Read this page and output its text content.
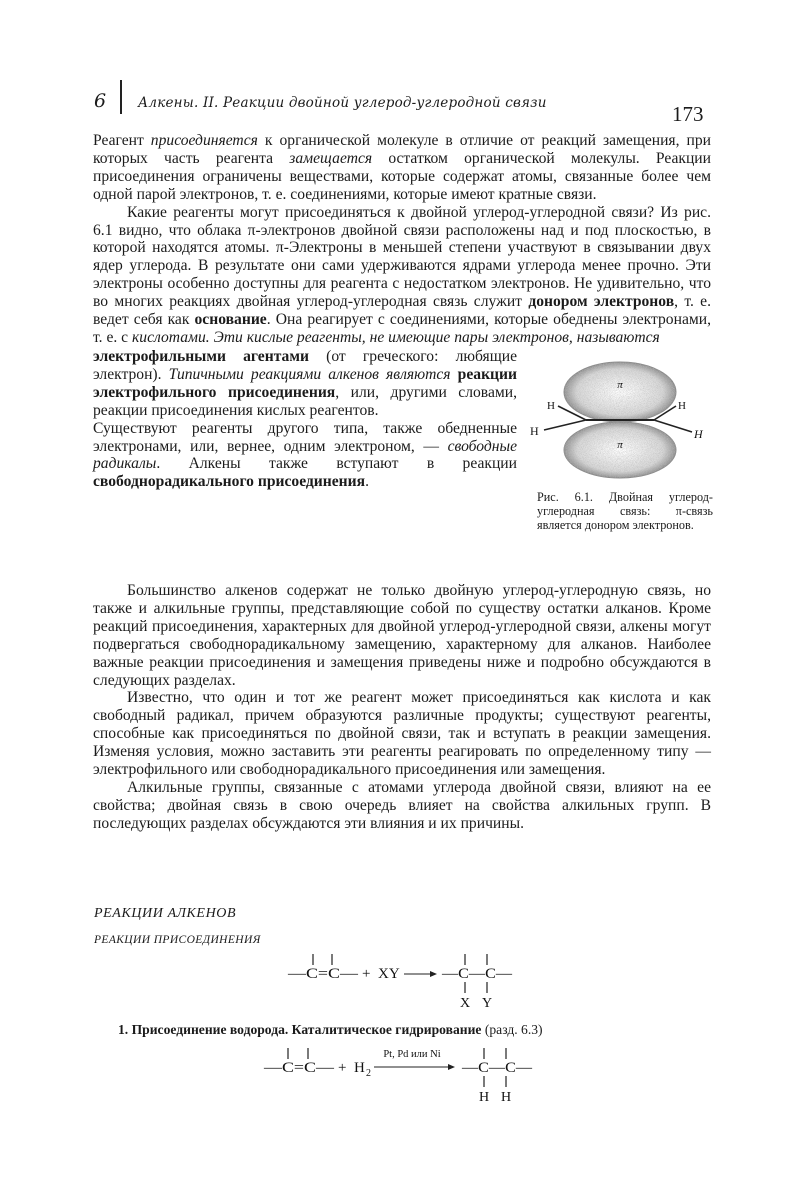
6 Алкены. II. Реакции двойной углерод-углеродной связи	173

Реагент присоединяется к органической молекуле в отличие от реакций замещения, при которых часть реагента замещается остатком органической молекулы. Реакции присоединения ограничены веществами, которые содержат атомы, связанные более чем одной парой электронов, т. е. соединениями, которые имеют кратные связи.

Какие реагенты могут присоединяться к двойной углерод-углеродной связи? Из рис. 6.1 видно, что облака π-электронов двойной связи расположены над и под плоскостью, в которой находятся атомы. π-Электроны в меньшей степени участвуют в связывании двух ядер углерода. В результате они сами удерживаются ядрами углерода менее прочно. Эти электроны особенно доступны для реагента с недостатком электронов. Не удивительно, что во многих реакциях двойная углерод-углеродная связь служит донором электронов, т. е. ведет себя как основание. Она реагирует с соединениями, которые обеднены электронами, т. е. с кислотами. Эти кислые реагенты, не имеющие пары электронов, называются

электрофильными агентами (от греческого: любящие электрон). Типичными реакциями алкенов являются реакции электрофильного присоединения, или, другими словами, реакции присоединения кислых реагентов.

Существуют реагенты другого типа, также обедненные электронами, или, вернее, одним электроном, — свободные радикалы. Алкены также вступают в реакции свободнорадикального присоединения.

π
π
H
H
H
H
Рис. 6.1. Двойная углерод-углеродная связь: π-связь является донором электронов.

Большинство алкенов содержат не только двойную углерод-углеродную связь, но также и алкильные группы, представляющие собой по существу остатки алканов. Кроме реакций присоединения, характерных для двойной углерод-углеродной связи, алкены могут подвергаться свободнорадикальному замещению, характерному для алканов. Наиболее важные реакции присоединения и замещения приведены ниже и подробно обсуждаются в следующих разделах.

Известно, что один и тот же реагент может присоединяться как кислота и как свободный радикал, причем образуются различные продукты; существуют реагенты, способные как присоединяться по двойной связи, так и вступать в реакции замещения. Изменяя условия, можно заставить эти реагенты реагировать по определенному типу — электрофильного или свободнорадикального присоединения или замещения.

Алкильные группы, связанные с атомами углерода двойной связи, влияют на ее свойства; двойная связь в свою очередь влияет на свойства алкильных групп. В последующих разделах обсуждаются эти влияния и их причины.

РЕАКЦИИ АЛКЕНОВ
РЕАКЦИИ ПРИСОЕДИНЕНИЯ
—C=C— + XY	—C—C—
X Y
1. Присоединение водорода. Каталитическое гидрирование (разд. 6.3)
—C=C— + H 2
Pt, Pd или Ni
—C—C—
H H
